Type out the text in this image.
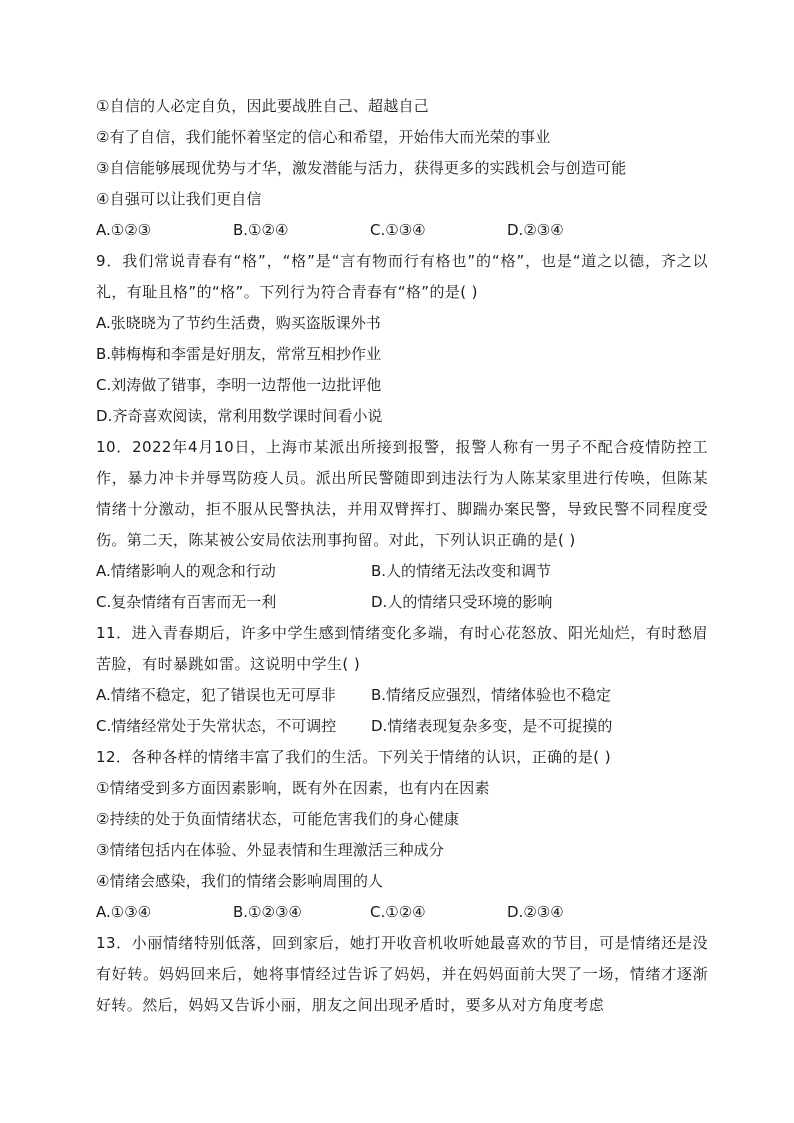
①自信的人必定自负，因此要战胜自己、超越自己
②有了自信，我们能怀着坚定的信心和希望，开始伟大而光荣的事业
③自信能够展现优势与才华，激发潜能与活力，获得更多的实践机会与创造可能
④自强可以让我们更自信
A.①②③	B.①②④	C.①③④	D.②③④
9．我们常说青春有“格”，“格”是“言有物而行有格也”的“格”，也是“道之以德，齐之以礼，有耻且格”的“格”。下列行为符合青春有“格”的是( )
A.张晓晓为了节约生活费，购买盗版课外书
B.韩梅梅和李雷是好朋友，常常互相抄作业
C.刘涛做了错事，李明一边帮他一边批评他
D.齐奇喜欢阅读，常利用数学课时间看小说
10．2022年4月10日，上海市某派出所接到报警，报警人称有一男子不配合疫情防控工作，暴力冲卡并辱骂防疫人员。派出所民警随即到违法行为人陈某家里进行传唤，但陈某情绪十分激动，拒不服从民警执法，并用双臂挥打、脚踹办案民警，导致民警不同程度受伤。第二天，陈某被公安局依法刑事拘留。对此，下列认识正确的是( )
A.情绪影响人的观念和行动	B.人的情绪无法改变和调节
C.复杂情绪有百害而无一利	D.人的情绪只受环境的影响
11．进入青春期后，许多中学生感到情绪变化多端，有时心花怒放、阳光灿烂，有时愁眉苦脸，有时暴跳如雷。这说明中学生( )
A.情绪不稳定，犯了错误也无可厚非	B.情绪反应强烈，情绪体验也不稳定
C.情绪经常处于失常状态，不可调控	D.情绪表现复杂多变，是不可捉摸的
12．各种各样的情绪丰富了我们的生活。下列关于情绪的认识，正确的是( )
①情绪受到多方面因素影响，既有外在因素，也有内在因素
②持续的处于负面情绪状态，可能危害我们的身心健康
③情绪包括内在体验、外显表情和生理激活三种成分
④情绪会感染，我们的情绪会影响周围的人
A.①③④	B.①②③④	C.①②④	D.②③④
13．小丽情绪特别低落，回到家后，她打开收音机收听她最喜欢的节目，可是情绪还是没有好转。妈妈回来后，她将事情经过告诉了妈妈，并在妈妈面前大哭了一场，情绪才逐渐好转。然后，妈妈又告诉小丽，朋友之间出现矛盾时，要多从对方角度考虑
